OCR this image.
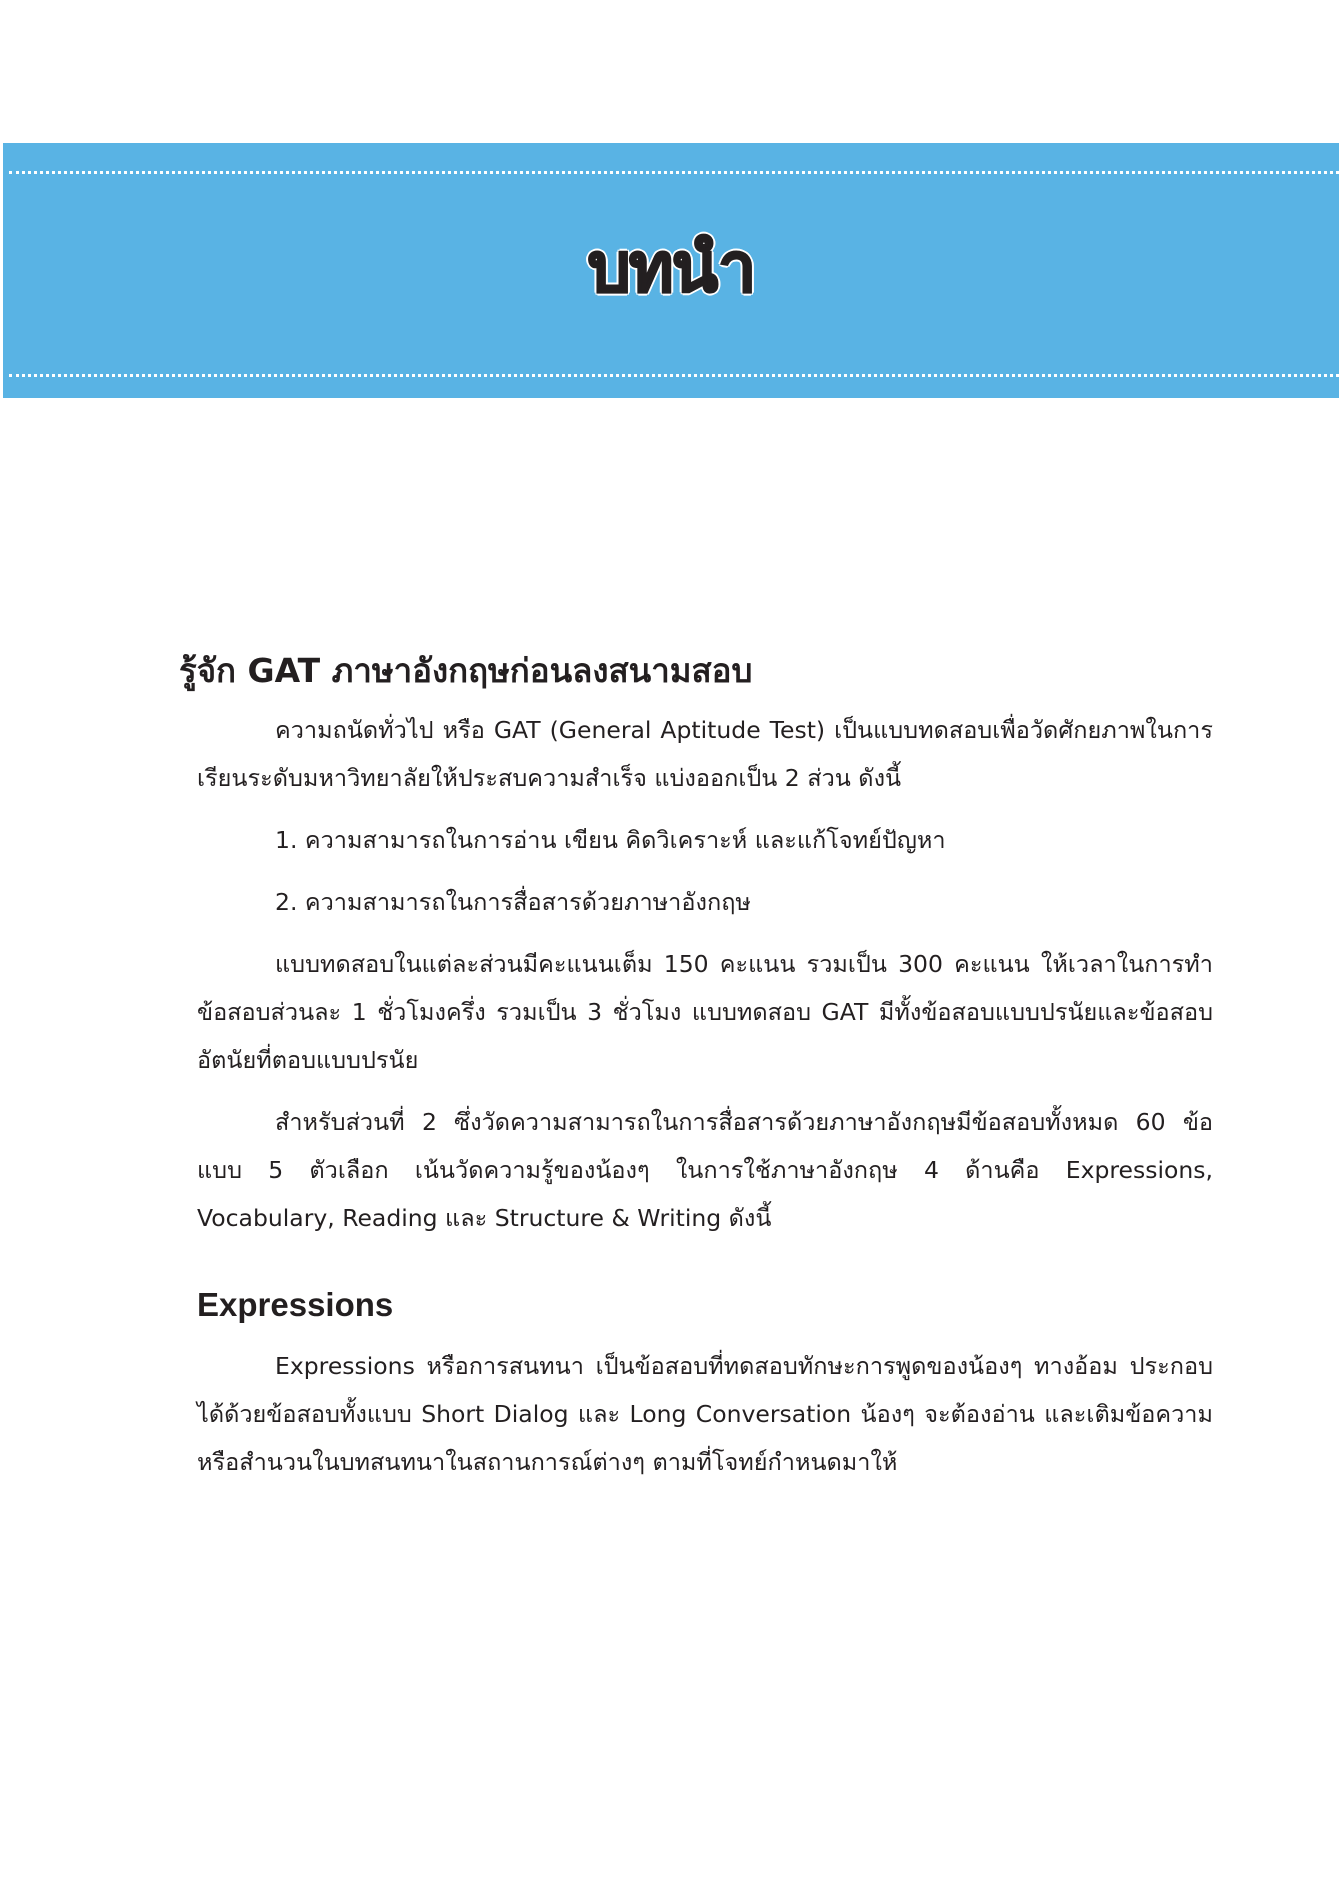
บทนำ
รู้จัก GAT ภาษาอังกฤษก่อนลงสนามสอบ

ความถนัดทั่วไป หรือ GAT (General Aptitude Test) เป็นแบบทดสอบเพื่อวัดศักยภาพในการเรียนระดับมหาวิทยาลัยให้ประสบความสำเร็จ แบ่งออกเป็น 2 ส่วน ดังนี้

1. ความสามารถในการอ่าน เขียน คิดวิเคราะห์ และแก้โจทย์ปัญหา

2. ความสามารถในการสื่อสารด้วยภาษาอังกฤษ

แบบทดสอบในแต่ละส่วนมีคะแนนเต็ม 150 คะแนน รวมเป็น 300 คะแนน ให้เวลาในการทำข้อสอบส่วนละ 1 ชั่วโมงครึ่ง รวมเป็น 3 ชั่วโมง แบบทดสอบ GAT มีทั้งข้อสอบแบบปรนัยและข้อสอบอัตนัยที่ตอบแบบปรนัย

สำหรับส่วนที่ 2 ซึ่งวัดความสามารถในการสื่อสารด้วยภาษาอังกฤษมีข้อสอบทั้งหมด 60 ข้อ แบบ 5 ตัวเลือก เน้นวัดความรู้ของน้องๆ ในการใช้ภาษาอังกฤษ 4 ด้านคือ Expressions, Vocabulary, Reading และ Structure & Writing ดังนี้

Expressions

Expressions หรือการสนทนา เป็นข้อสอบที่ทดสอบทักษะการพูดของน้องๆ ทางอ้อม ประกอบได้ด้วยข้อสอบทั้งแบบ Short Dialog และ Long Conversation น้องๆ จะต้องอ่าน และเติมข้อความหรือสำนวนในบทสนทนาในสถานการณ์ต่างๆ ตามที่โจทย์กำหนดมาให้
